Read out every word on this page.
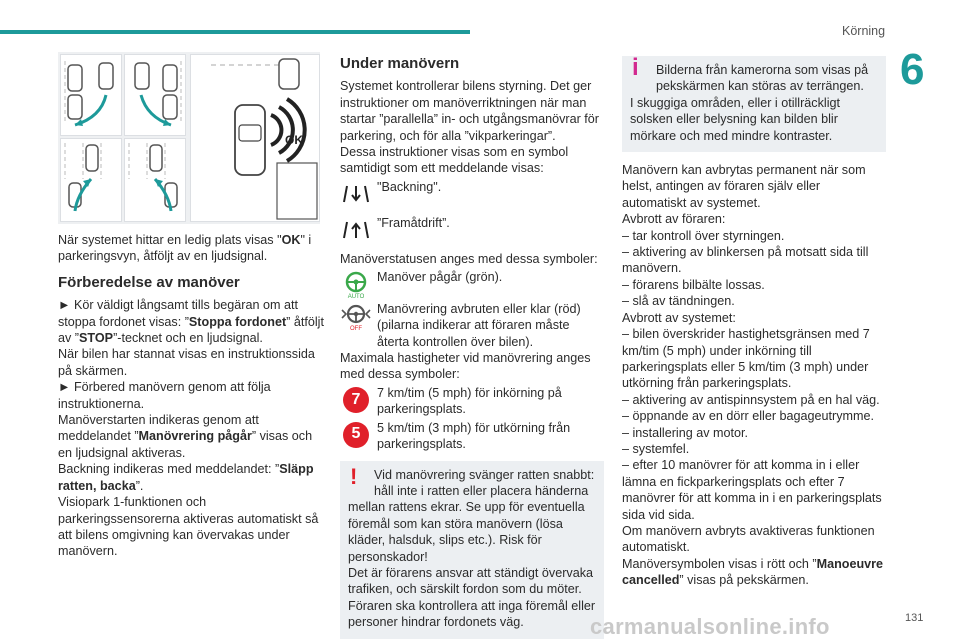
Körning
6
OK

När systemet hittar en ledig plats visas "OK" i parkeringsvyn, åtföljt av en ljudsignal.

Förberedelse av manöver

► Kör väldigt långsamt tills begäran om att stoppa fordonet visas: ”Stoppa fordonet” åtföljt av ”STOP”-tecknet och en ljudsignal.

När bilen har stannat visas en instruktionssida på skärmen.

► Förbered manövern genom att följa instruktionerna.

Manöverstarten indikeras genom att meddelandet ”Manövrering pågår” visas och en ljudsignal aktiveras.

Backning indikeras med meddelandet: ”Släpp ratten, backa”.

Visiopark 1-funktionen och parkeringssensorerna aktiveras automatiskt så att bilens omgivning kan övervakas under manövern.

Under manövern

Systemet kontrollerar bilens styrning. Det ger instruktioner om manöverriktningen när man startar ”parallella” in- och utgångsmanövrar för parkering, och för alla ”vikparkeringar”.

Dessa instruktioner visas som en symbol samtidigt som ett meddelande visas:

"Backning".
”Framåtdrift”.

Manöverstatusen anges med dessa symboler:

AUTO
Manöver pågår (grön).
OFF
Manövrering avbruten eller klar (röd)

(pilarna indikerar att föraren måste återta kontrollen över bilen).

Maximala hastigheter vid manövrering anges med dessa symboler:

7	7 km/tim (5 mph) för inkörning på parkeringsplats.
5	5 km/tim (3 mph) för utkörning från parkeringsplats.
!	Vid manövrering svänger ratten snabbt: håll inte i ratten eller placera händerna

mellan rattens ekrar. Se upp för eventuella föremål som kan störa manövern (lösa kläder, halsduk, slips etc.). Risk för personskador!

Det är förarens ansvar att ständigt övervaka trafiken, och särskilt fordon som du möter. Föraren ska kontrollera att inga föremål eller personer hindrar fordonets väg.

i	Bilderna från kamerorna som visas på pekskärmen kan störas av terrängen.

I skuggiga områden, eller i otillräckligt solsken eller belysning kan bilden blir mörkare och med mindre kontraster.

Manövern kan avbrytas permanent när som helst, antingen av föraren själv eller automatiskt av systemet.

Avbrott av föraren:

– tar kontroll över styrningen.

– aktivering av blinkersen på motsatt sida till manövern.

– förarens bilbälte lossas.

– slå av tändningen.

Avbrott av systemet:

– bilen överskrider hastighetsgränsen med 7 km/tim (5 mph) under inkörning till parkeringsplats eller 5 km/tim (3 mph) under utkörning från parkeringsplats.

– aktivering av antispinnsystem på en hal väg.

– öppnande av en dörr eller bagageutrymme.

– installering av motor.

– systemfel.

– efter 10 manövrer för att komma in i eller lämna en fickparkeringsplats och efter 7 manövrer för att komma in i en parkeringsplats sida vid sida.

Om manövern avbryts avaktiveras funktionen automatiskt.

Manöversymbolen visas i rött och ”Manoeuvre cancelled” visas på pekskärmen.

carmanualsonline.info	131
